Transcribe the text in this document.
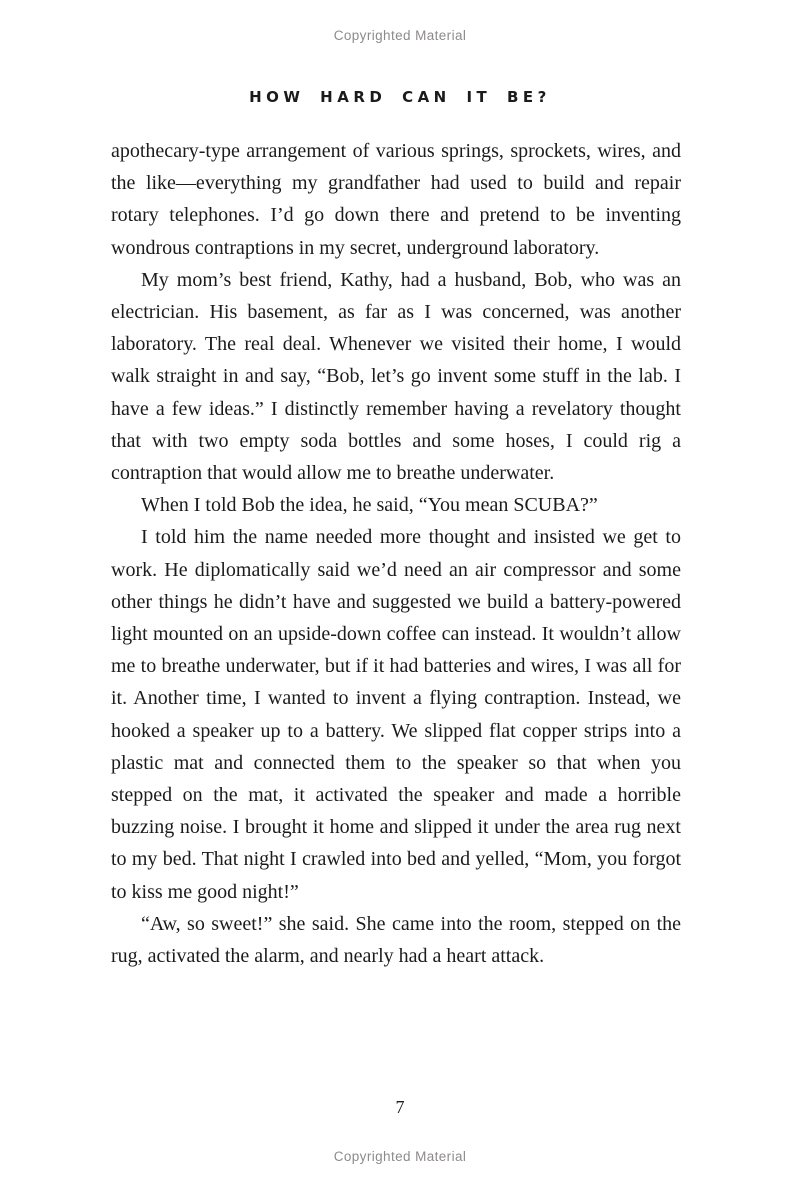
Copyrighted Material
HOW HARD CAN IT BE?

apothecary-type arrangement of various springs, sprockets, wires, and the like—everything my grandfather had used to build and repair rotary telephones. I’d go down there and pretend to be inventing wondrous contraptions in my secret, underground laboratory.

My mom’s best friend, Kathy, had a husband, Bob, who was an electrician. His basement, as far as I was concerned, was another laboratory. The real deal. Whenever we visited their home, I would walk straight in and say, “Bob, let’s go invent some stuff in the lab. I have a few ideas.” I distinctly remember having a revelatory thought that with two empty soda bottles and some hoses, I could rig a contraption that would allow me to breathe underwater.

When I told Bob the idea, he said, “You mean SCUBA?”

I told him the name needed more thought and insisted we get to work. He diplomatically said we’d need an air compressor and some other things he didn’t have and suggested we build a battery-powered light mounted on an upside-down coffee can instead. It wouldn’t allow me to breathe underwater, but if it had batteries and wires, I was all for it. Another time, I wanted to invent a flying contraption. Instead, we hooked a speaker up to a battery. We slipped flat copper strips into a plastic mat and connected them to the speaker so that when you stepped on the mat, it activated the speaker and made a horrible buzzing noise. I brought it home and slipped it under the area rug next to my bed. That night I crawled into bed and yelled, “Mom, you forgot to kiss me good night!”

“Aw, so sweet!” she said. She came into the room, stepped on the rug, activated the alarm, and nearly had a heart attack.

7
Copyrighted Material
